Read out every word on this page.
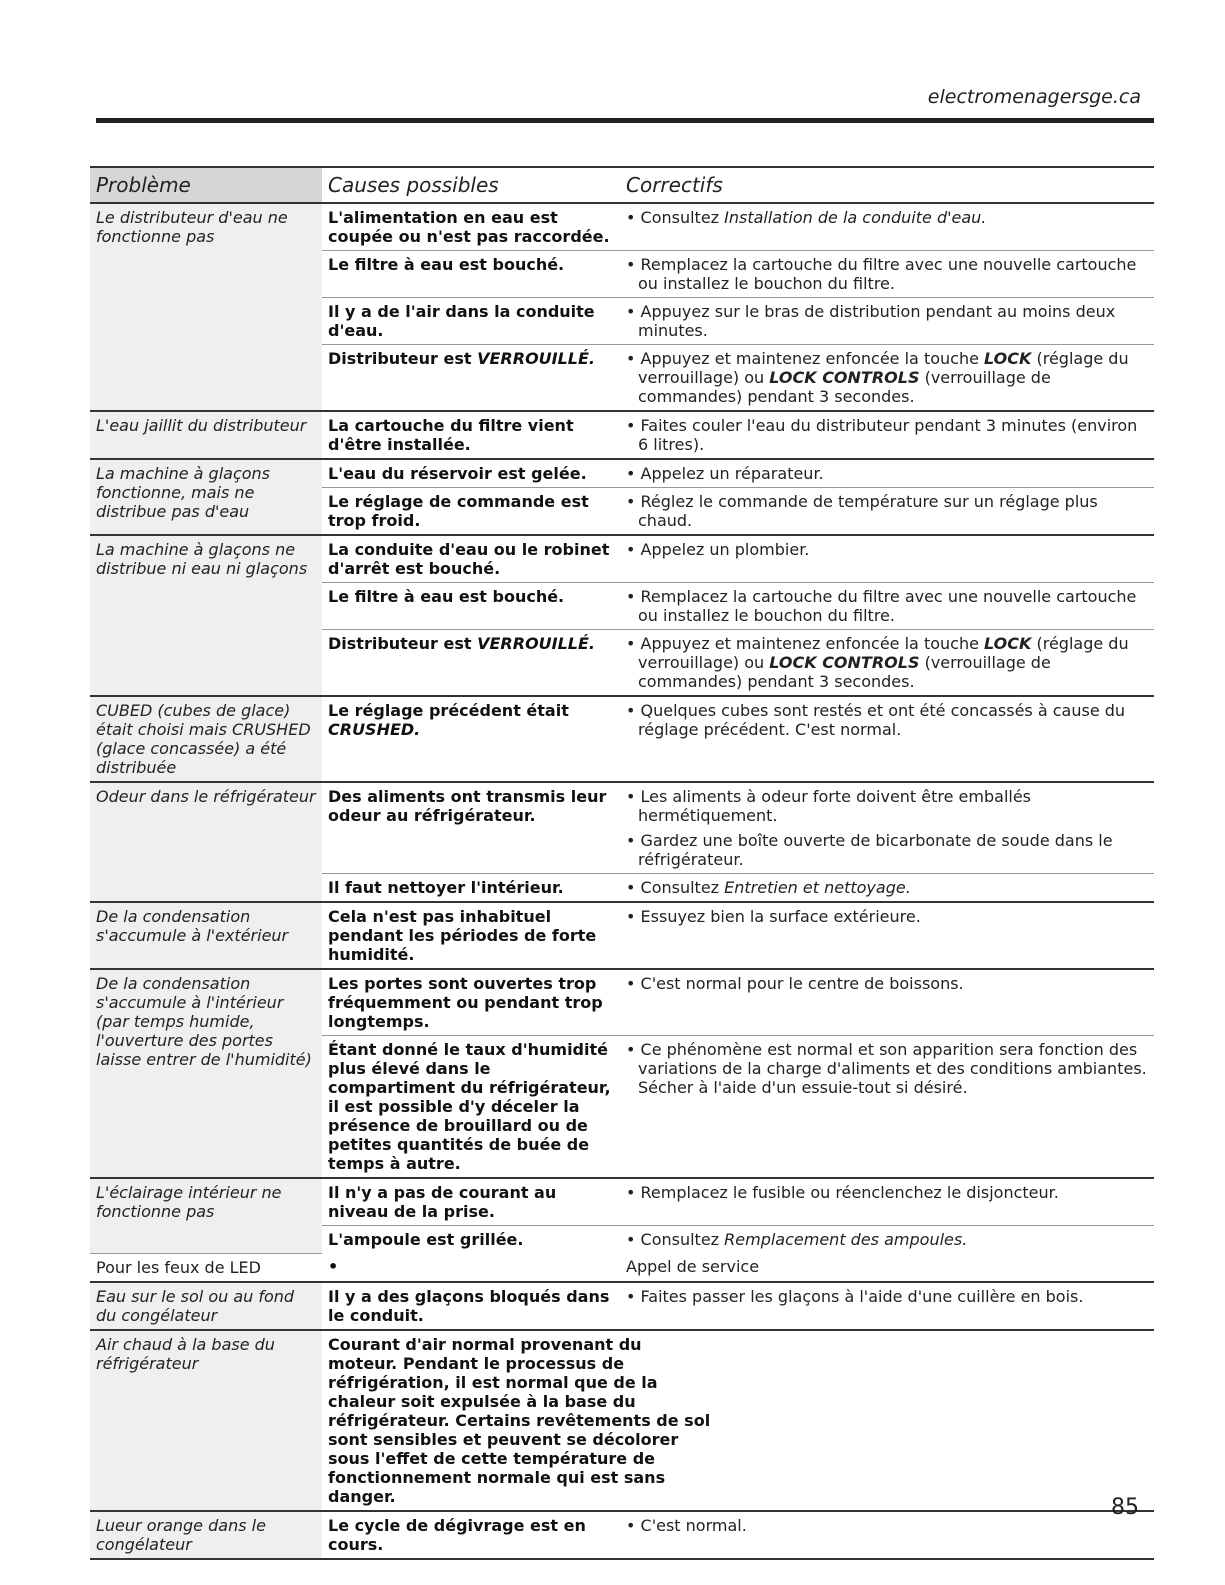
electromenagersge.ca
Problème	Causes possibles	Correctifs
Le distributeur d'eau ne fonctionne pas	L'alimentation en eau est coupée ou n'est pas raccordée.	• Consultez Installation de la conduite d'eau.

	Le filtre à eau est bouché.	• Remplacez la cartouche du filtre avec une nouvelle cartouche ou installez le bouchon du filtre.

	Il y a de l'air dans la conduite d'eau.	• Appuyez sur le bras de distribution pendant au moins deux minutes.

	Distributeur est VERROUILLÉ.	• Appuyez et maintenez enfoncée la touche LOCK (réglage du verrouillage) ou LOCK CONTROLS (verrouillage de commandes) pendant 3 secondes.

L'eau jaillit du distributeur	La cartouche du filtre vient d'être installée.	• Faites couler l'eau du distributeur pendant 3 minutes (environ 6 litres).

La machine à glaçons fonctionne, mais ne distribue pas d'eau	L'eau du réservoir est gelée.	• Appelez un réparateur.

	Le réglage de commande est trop froid.	• Réglez le commande de température sur un réglage plus chaud.

La machine à glaçons ne distribue ni eau ni glaçons	La conduite d'eau ou le robinet d'arrêt est bouché.	• Appelez un plombier.

	Le filtre à eau est bouché.	• Remplacez la cartouche du filtre avec une nouvelle cartouche ou installez le bouchon du filtre.

	Distributeur est VERROUILLÉ.	• Appuyez et maintenez enfoncée la touche LOCK (réglage du verrouillage) ou LOCK CONTROLS (verrouillage de commandes) pendant 3 secondes.

CUBED (cubes de glace) était choisi mais CRUSHED (glace concassée) a été distribuée	Le réglage précédent était CRUSHED.	• Quelques cubes sont restés et ont été concassés à cause du réglage précédent. C'est normal.

Odeur dans le réfrigérateur	Des aliments ont transmis leur odeur au réfrigérateur.	• Les aliments à odeur forte doivent être emballés hermétiquement.
• Gardez une boîte ouverte de bicarbonate de soude dans le réfrigérateur.

	Il faut nettoyer l'intérieur.	• Consultez Entretien et nettoyage.

De la condensation s'accumule à l'extérieur	Cela n'est pas inhabituel pendant les périodes de forte humidité.	• Essuyez bien la surface extérieure.

De la condensation s'accumule à l'intérieur (par temps humide, l'ouverture des portes laisse entrer de l'humidité)	Les portes sont ouvertes trop fréquemment ou pendant trop longtemps.	• C'est normal pour le centre de boissons.

	Étant donné le taux d'humidité plus élevé dans le compartiment du réfrigérateur, il est possible d'y déceler la présence de brouillard ou de petites quantités de buée de temps à autre.	• Ce phénomène est normal et son apparition sera fonction des variations de la charge d'aliments et des conditions ambiantes. Sécher à l'aide d'un essuie-tout si désiré.

L'éclairage intérieur ne fonctionne pas	Il n'y a pas de courant au niveau de la prise.	• Remplacez le fusible ou réenclenchez le disjoncteur.

	L'ampoule est grillée.	• Consultez Remplacement des ampoules.

Pour les feux de LED	•	Appel de service

Eau sur le sol ou au fond du congélateur	Il y a des glaçons bloqués dans le conduit.	• Faites passer les glaçons à l'aide d'une cuillère en bois.

Air chaud à la base du réfrigérateur	Courant d'air normal provenant du moteur. Pendant le processus de réfrigération, il est normal que de la chaleur soit expulsée à la base du réfrigérateur. Certains revêtements de sol sont sensibles et peuvent se décolorer sous l'effet de cette température de fonctionnement normale qui est sans danger.	
Lueur orange dans le congélateur	Le cycle de dégivrage est en cours.	• C'est normal.
85
